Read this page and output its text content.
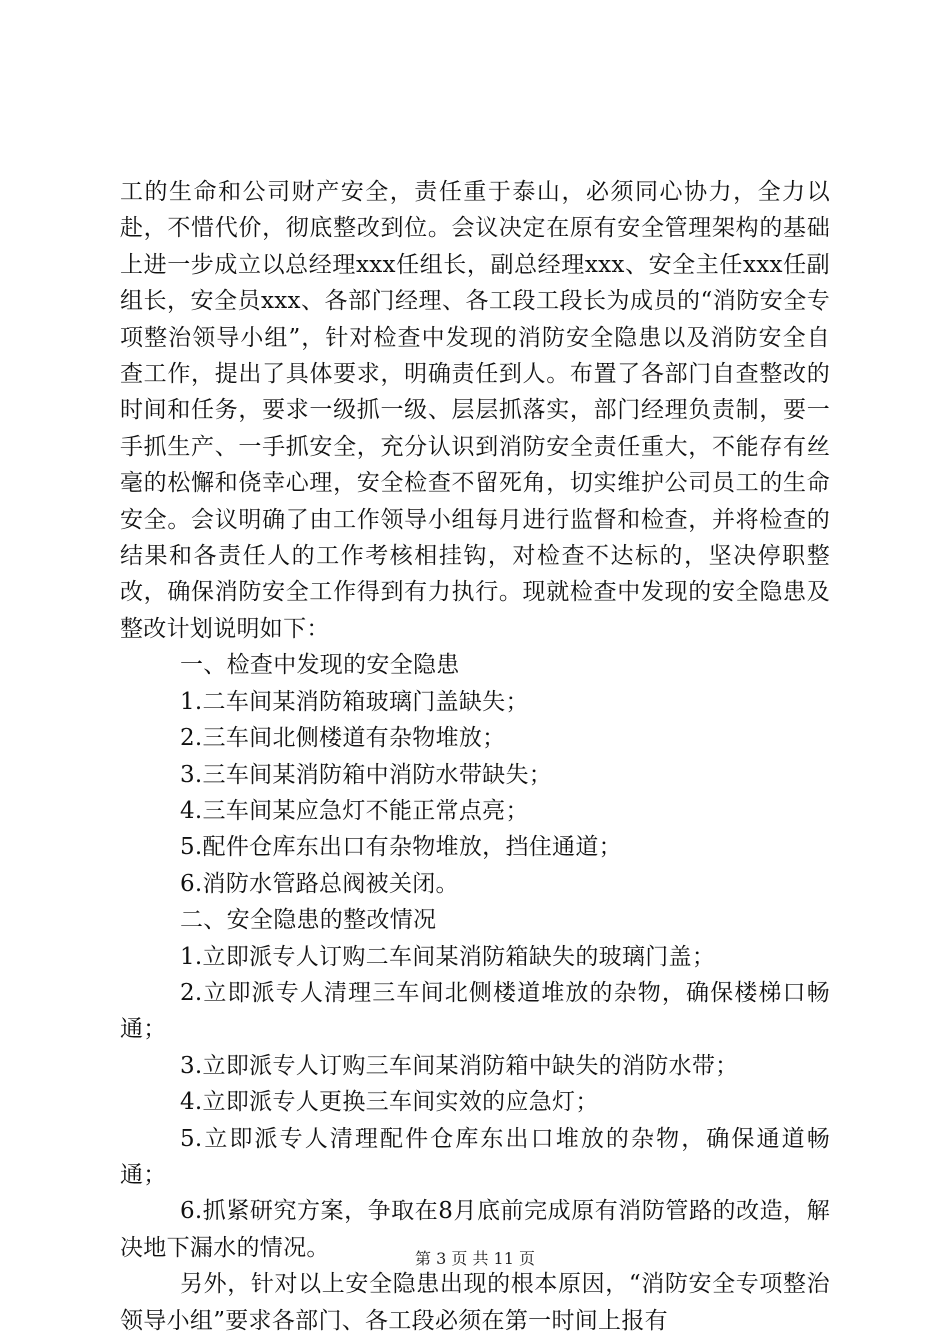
工的生命和公司财产安全，责任重于泰山，必须同心协力，全力以赴，不惜代价，彻底整改到位。会议决定在原有安全管理架构的基础上进一步成立以总经理xxx任组长，副总经理xxx、安全主任xxx任副组长，安全员xxx、各部门经理、各工段工段长为成员的“消防安全专项整治领导小组”，针对检查中发现的消防安全隐患以及消防安全自查工作，提出了具体要求，明确责任到人。布置了各部门自查整改的时间和任务，要求一级抓一级、层层抓落实，部门经理负责制，要一手抓生产、一手抓安全，充分认识到消防安全责任重大，不能存有丝毫的松懈和侥幸心理，安全检查不留死角，切实维护公司员工的生命安全。会议明确了由工作领导小组每月进行监督和检查，并将检查的结果和各责任人的工作考核相挂钩，对检查不达标的，坚决停职整改，确保消防安全工作得到有力执行。现就检查中发现的安全隐患及整改计划说明如下：

一、检查中发现的安全隐患

1.二车间某消防箱玻璃门盖缺失；

2.三车间北侧楼道有杂物堆放；

3.三车间某消防箱中消防水带缺失；

4.三车间某应急灯不能正常点亮；

5.配件仓库东出口有杂物堆放，挡住通道；

6.消防水管路总阀被关闭。

二、安全隐患的整改情况

1.立即派专人订购二车间某消防箱缺失的玻璃门盖；

2.立即派专人清理三车间北侧楼道堆放的杂物，确保楼梯口畅通；

3.立即派专人订购三车间某消防箱中缺失的消防水带；

4.立即派专人更换三车间实效的应急灯；

5.立即派专人清理配件仓库东出口堆放的杂物，确保通道畅通；

6.抓紧研究方案，争取在8月底前完成原有消防管路的改造，解决地下漏水的情况。

另外，针对以上安全隐患出现的根本原因，“消防安全专项整治领导小组”要求各部门、各工段必须在第一时间上报有

第 3 页 共 11 页
